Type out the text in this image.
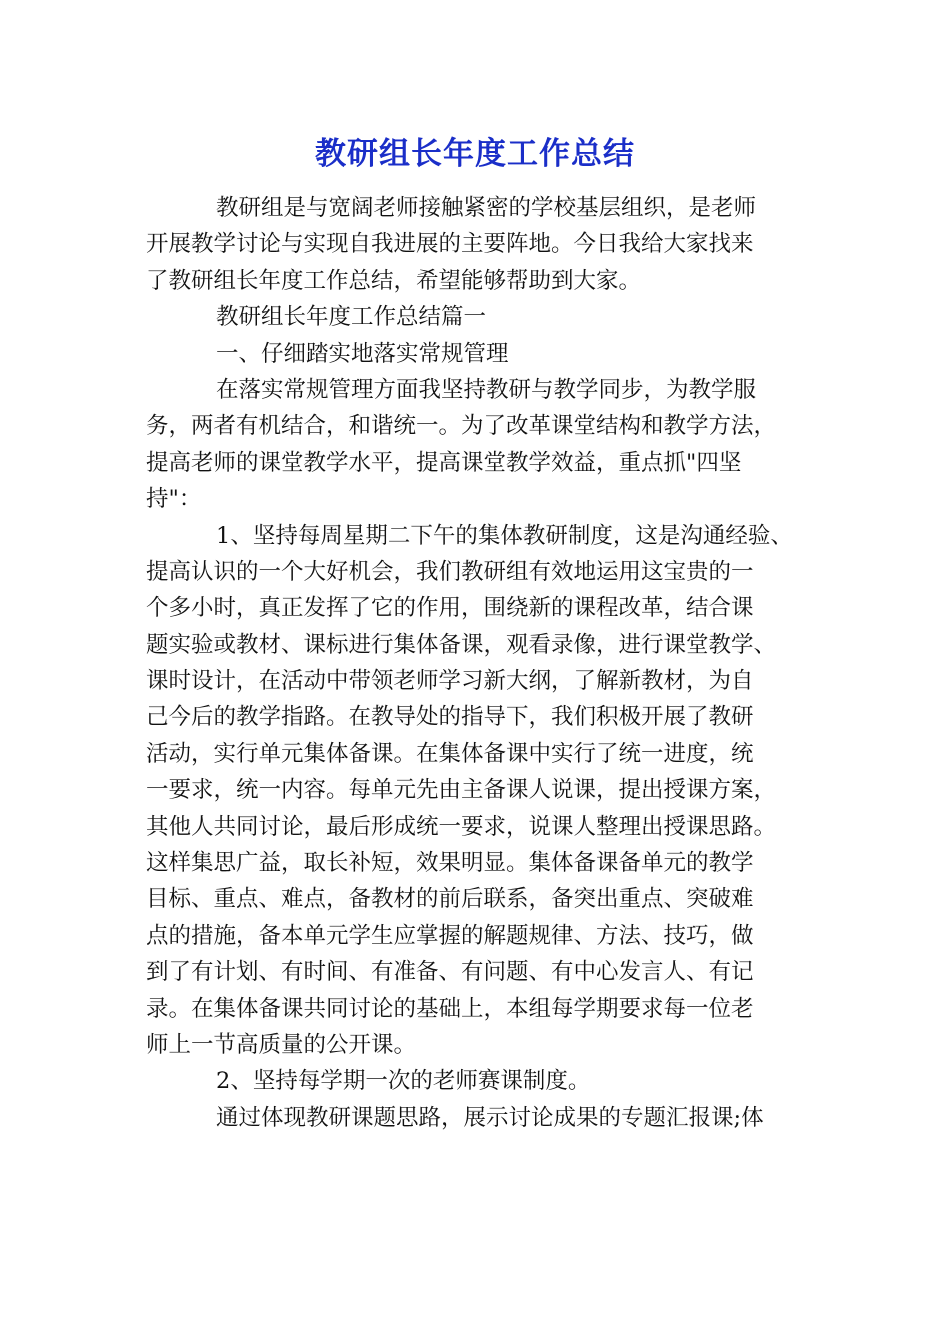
教研组长年度工作总结
教研组是与宽阔老师接触紧密的学校基层组织，是老师
开展教学讨论与实现自我进展的主要阵地。今日我给大家找来
了教研组长年度工作总结，希望能够帮助到大家。
教研组长年度工作总结篇一
一、仔细踏实地落实常规管理
在落实常规管理方面我坚持教研与教学同步，为教学服
务，两者有机结合，和谐统一。为了改革课堂结构和教学方法，
提高老师的课堂教学水平，提高课堂教学效益，重点抓"四坚
持"：
1、坚持每周星期二下午的集体教研制度，这是沟通经验、
提高认识的一个大好机会，我们教研组有效地运用这宝贵的一
个多小时，真正发挥了它的作用，围绕新的课程改革，结合课
题实验或教材、课标进行集体备课，观看录像，进行课堂教学、
课时设计，在活动中带领老师学习新大纲，了解新教材，为自
己今后的教学指路。在教导处的指导下，我们积极开展了教研
活动，实行单元集体备课。在集体备课中实行了统一进度，统
一要求，统一内容。每单元先由主备课人说课，提出授课方案，
其他人共同讨论，最后形成统一要求，说课人整理出授课思路。
这样集思广益，取长补短，效果明显。集体备课备单元的教学
目标、重点、难点，备教材的前后联系，备突出重点、突破难
点的措施，备本单元学生应掌握的解题规律、方法、技巧，做
到了有计划、有时间、有准备、有问题、有中心发言人、有记
录。在集体备课共同讨论的基础上，本组每学期要求每一位老
师上一节高质量的公开课。
2、坚持每学期一次的老师赛课制度。
通过体现教研课题思路，展示讨论成果的专题汇报课;体
